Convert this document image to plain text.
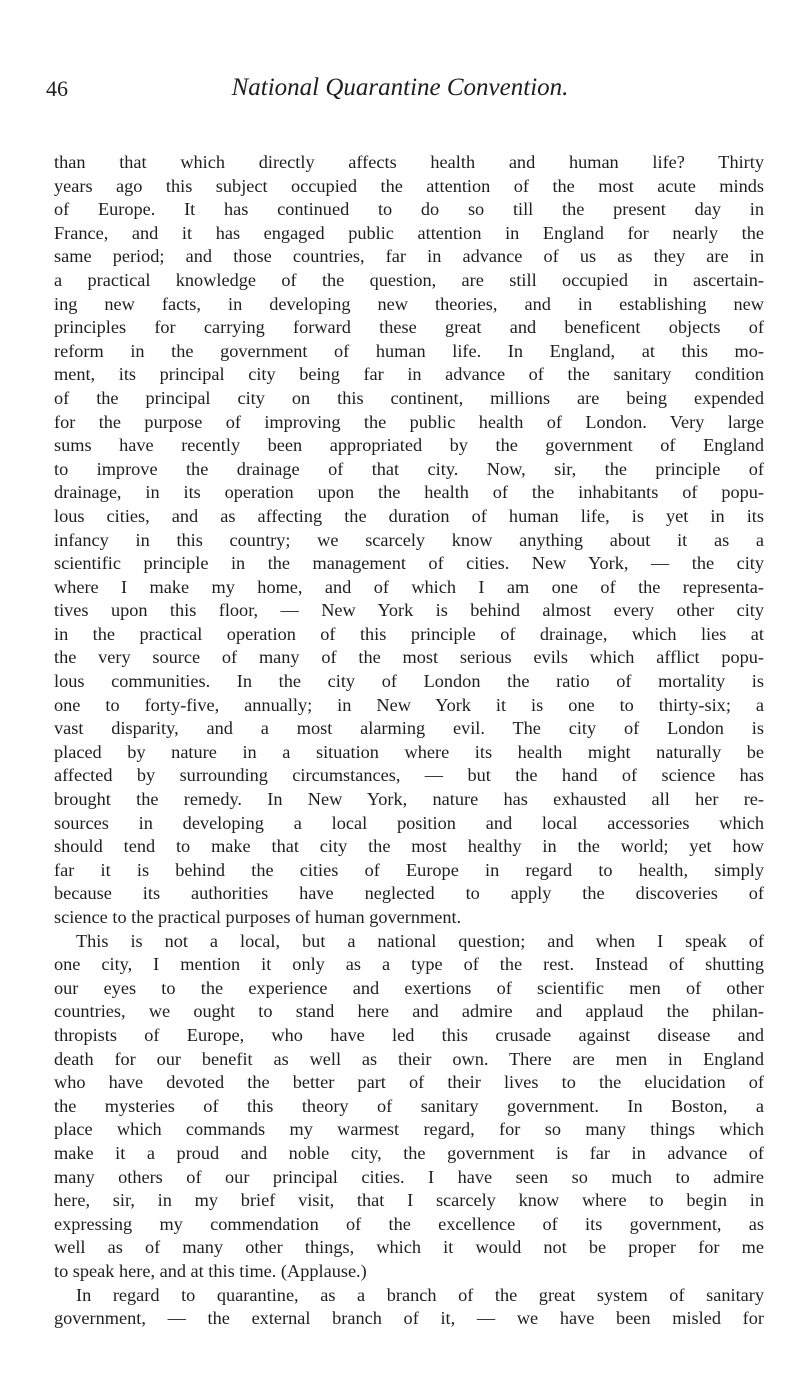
46	National Quarantine Convention.
than that which directly affects health and human life? Thirty
years ago this subject occupied the attention of the most acute minds
of Europe. It has continued to do so till the present day in
France, and it has engaged public attention in England for nearly the
same period; and those countries, far in advance of us as they are in
a practical knowledge of the question, are still occupied in ascertain-
ing new facts, in developing new theories, and in establishing new
principles for carrying forward these great and beneficent objects of
reform in the government of human life. In England, at this mo-
ment, its principal city being far in advance of the sanitary condition
of the principal city on this continent, millions are being expended
for the purpose of improving the public health of London. Very large
sums have recently been appropriated by the government of England
to improve the drainage of that city. Now, sir, the principle of
drainage, in its operation upon the health of the inhabitants of popu-
lous cities, and as affecting the duration of human life, is yet in its
infancy in this country; we scarcely know anything about it as a
scientific principle in the management of cities. New York, — the city
where I make my home, and of which I am one of the representa-
tives upon this floor, — New York is behind almost every other city
in the practical operation of this principle of drainage, which lies at
the very source of many of the most serious evils which afflict popu-
lous communities. In the city of London the ratio of mortality is
one to forty-five, annually; in New York it is one to thirty-six; a
vast disparity, and a most alarming evil. The city of London is
placed by nature in a situation where its health might naturally be
affected by surrounding circumstances, — but the hand of science has
brought the remedy. In New York, nature has exhausted all her re-
sources in developing a local position and local accessories which
should tend to make that city the most healthy in the world; yet how
far it is behind the cities of Europe in regard to health, simply
because its authorities have neglected to apply the discoveries of
science to the practical purposes of human government.
This is not a local, but a national question; and when I speak of
one city, I mention it only as a type of the rest. Instead of shutting
our eyes to the experience and exertions of scientific men of other
countries, we ought to stand here and admire and applaud the philan-
thropists of Europe, who have led this crusade against disease and
death for our benefit as well as their own. There are men in England
who have devoted the better part of their lives to the elucidation of
the mysteries of this theory of sanitary government. In Boston, a
place which commands my warmest regard, for so many things which
make it a proud and noble city, the government is far in advance of
many others of our principal cities. I have seen so much to admire
here, sir, in my brief visit, that I scarcely know where to begin in
expressing my commendation of the excellence of its government, as
well as of many other things, which it would not be proper for me
to speak here, and at this time. (Applause.)
In regard to quarantine, as a branch of the great system of sanitary
government, — the external branch of it, — we have been misled for
